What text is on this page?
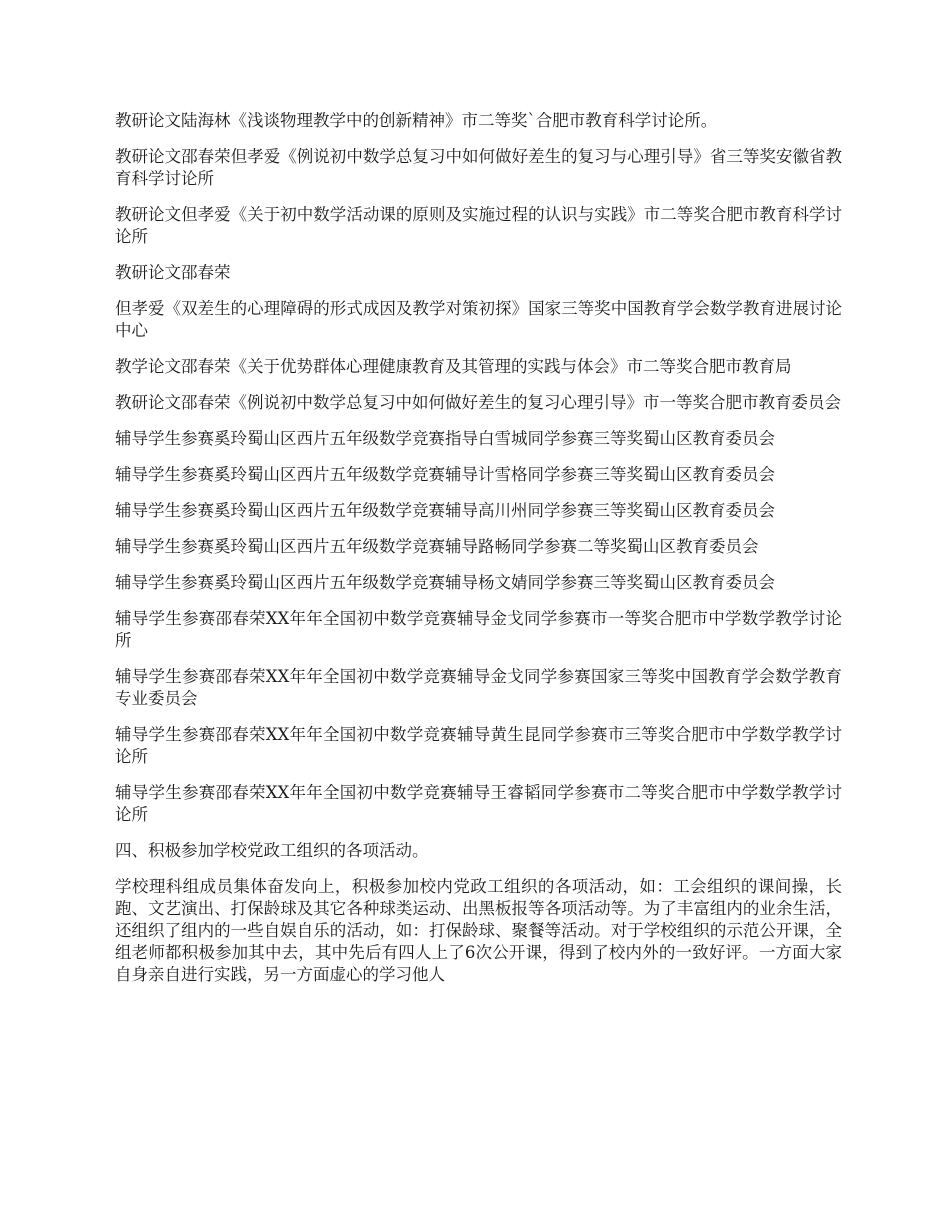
教研论文陆海林《浅谈物理教学中的创新精神》市二等奖`合肥市教育科学讨论所。

教研论文邵春荣但孝爱《例说初中数学总复习中如何做好差生的复习与心理引导》省三等奖安徽省教育科学讨论所

教研论文但孝爱《关于初中数学活动课的原则及实施过程的认识与实践》市二等奖合肥市教育科学讨论所

教研论文邵春荣

但孝爱《双差生的心理障碍的形式成因及教学对策初探》国家三等奖中国教育学会数学教育进展讨论中心

教学论文邵春荣《关于优势群体心理健康教育及其管理的实践与体会》市二等奖合肥市教育局

教研论文邵春荣《例说初中数学总复习中如何做好差生的复习心理引导》市一等奖合肥市教育委员会

辅导学生参赛奚玲蜀山区西片五年级数学竞赛指导白雪城同学参赛三等奖蜀山区教育委员会

辅导学生参赛奚玲蜀山区西片五年级数学竞赛辅导计雪格同学参赛三等奖蜀山区教育委员会

辅导学生参赛奚玲蜀山区西片五年级数学竞赛辅导高川州同学参赛三等奖蜀山区教育委员会

辅导学生参赛奚玲蜀山区西片五年级数学竞赛辅导路畅同学参赛二等奖蜀山区教育委员会

辅导学生参赛奚玲蜀山区西片五年级数学竞赛辅导杨文婧同学参赛三等奖蜀山区教育委员会

辅导学生参赛邵春荣XX年年全国初中数学竞赛辅导金戈同学参赛市一等奖合肥市中学数学教学讨论所

辅导学生参赛邵春荣XX年年全国初中数学竞赛辅导金戈同学参赛国家三等奖中国教育学会数学教育专业委员会

辅导学生参赛邵春荣XX年年全国初中数学竞赛辅导黄生昆同学参赛市三等奖合肥市中学数学教学讨论所

辅导学生参赛邵春荣XX年年全国初中数学竞赛辅导王睿韬同学参赛市二等奖合肥市中学数学教学讨论所

四、积极参加学校党政工组织的各项活动。

学校理科组成员集体奋发向上，积极参加校内党政工组织的各项活动，如：工会组织的课间操，长跑、文艺演出、打保龄球及其它各种球类运动、出黑板报等各项活动等。为了丰富组内的业余生活，还组织了组内的一些自娱自乐的活动，如：打保龄球、聚餐等活动。对于学校组织的示范公开课，全组老师都积极参加其中去，其中先后有四人上了6次公开课，得到了校内外的一致好评。一方面大家自身亲自进行实践，另一方面虚心的学习他人
